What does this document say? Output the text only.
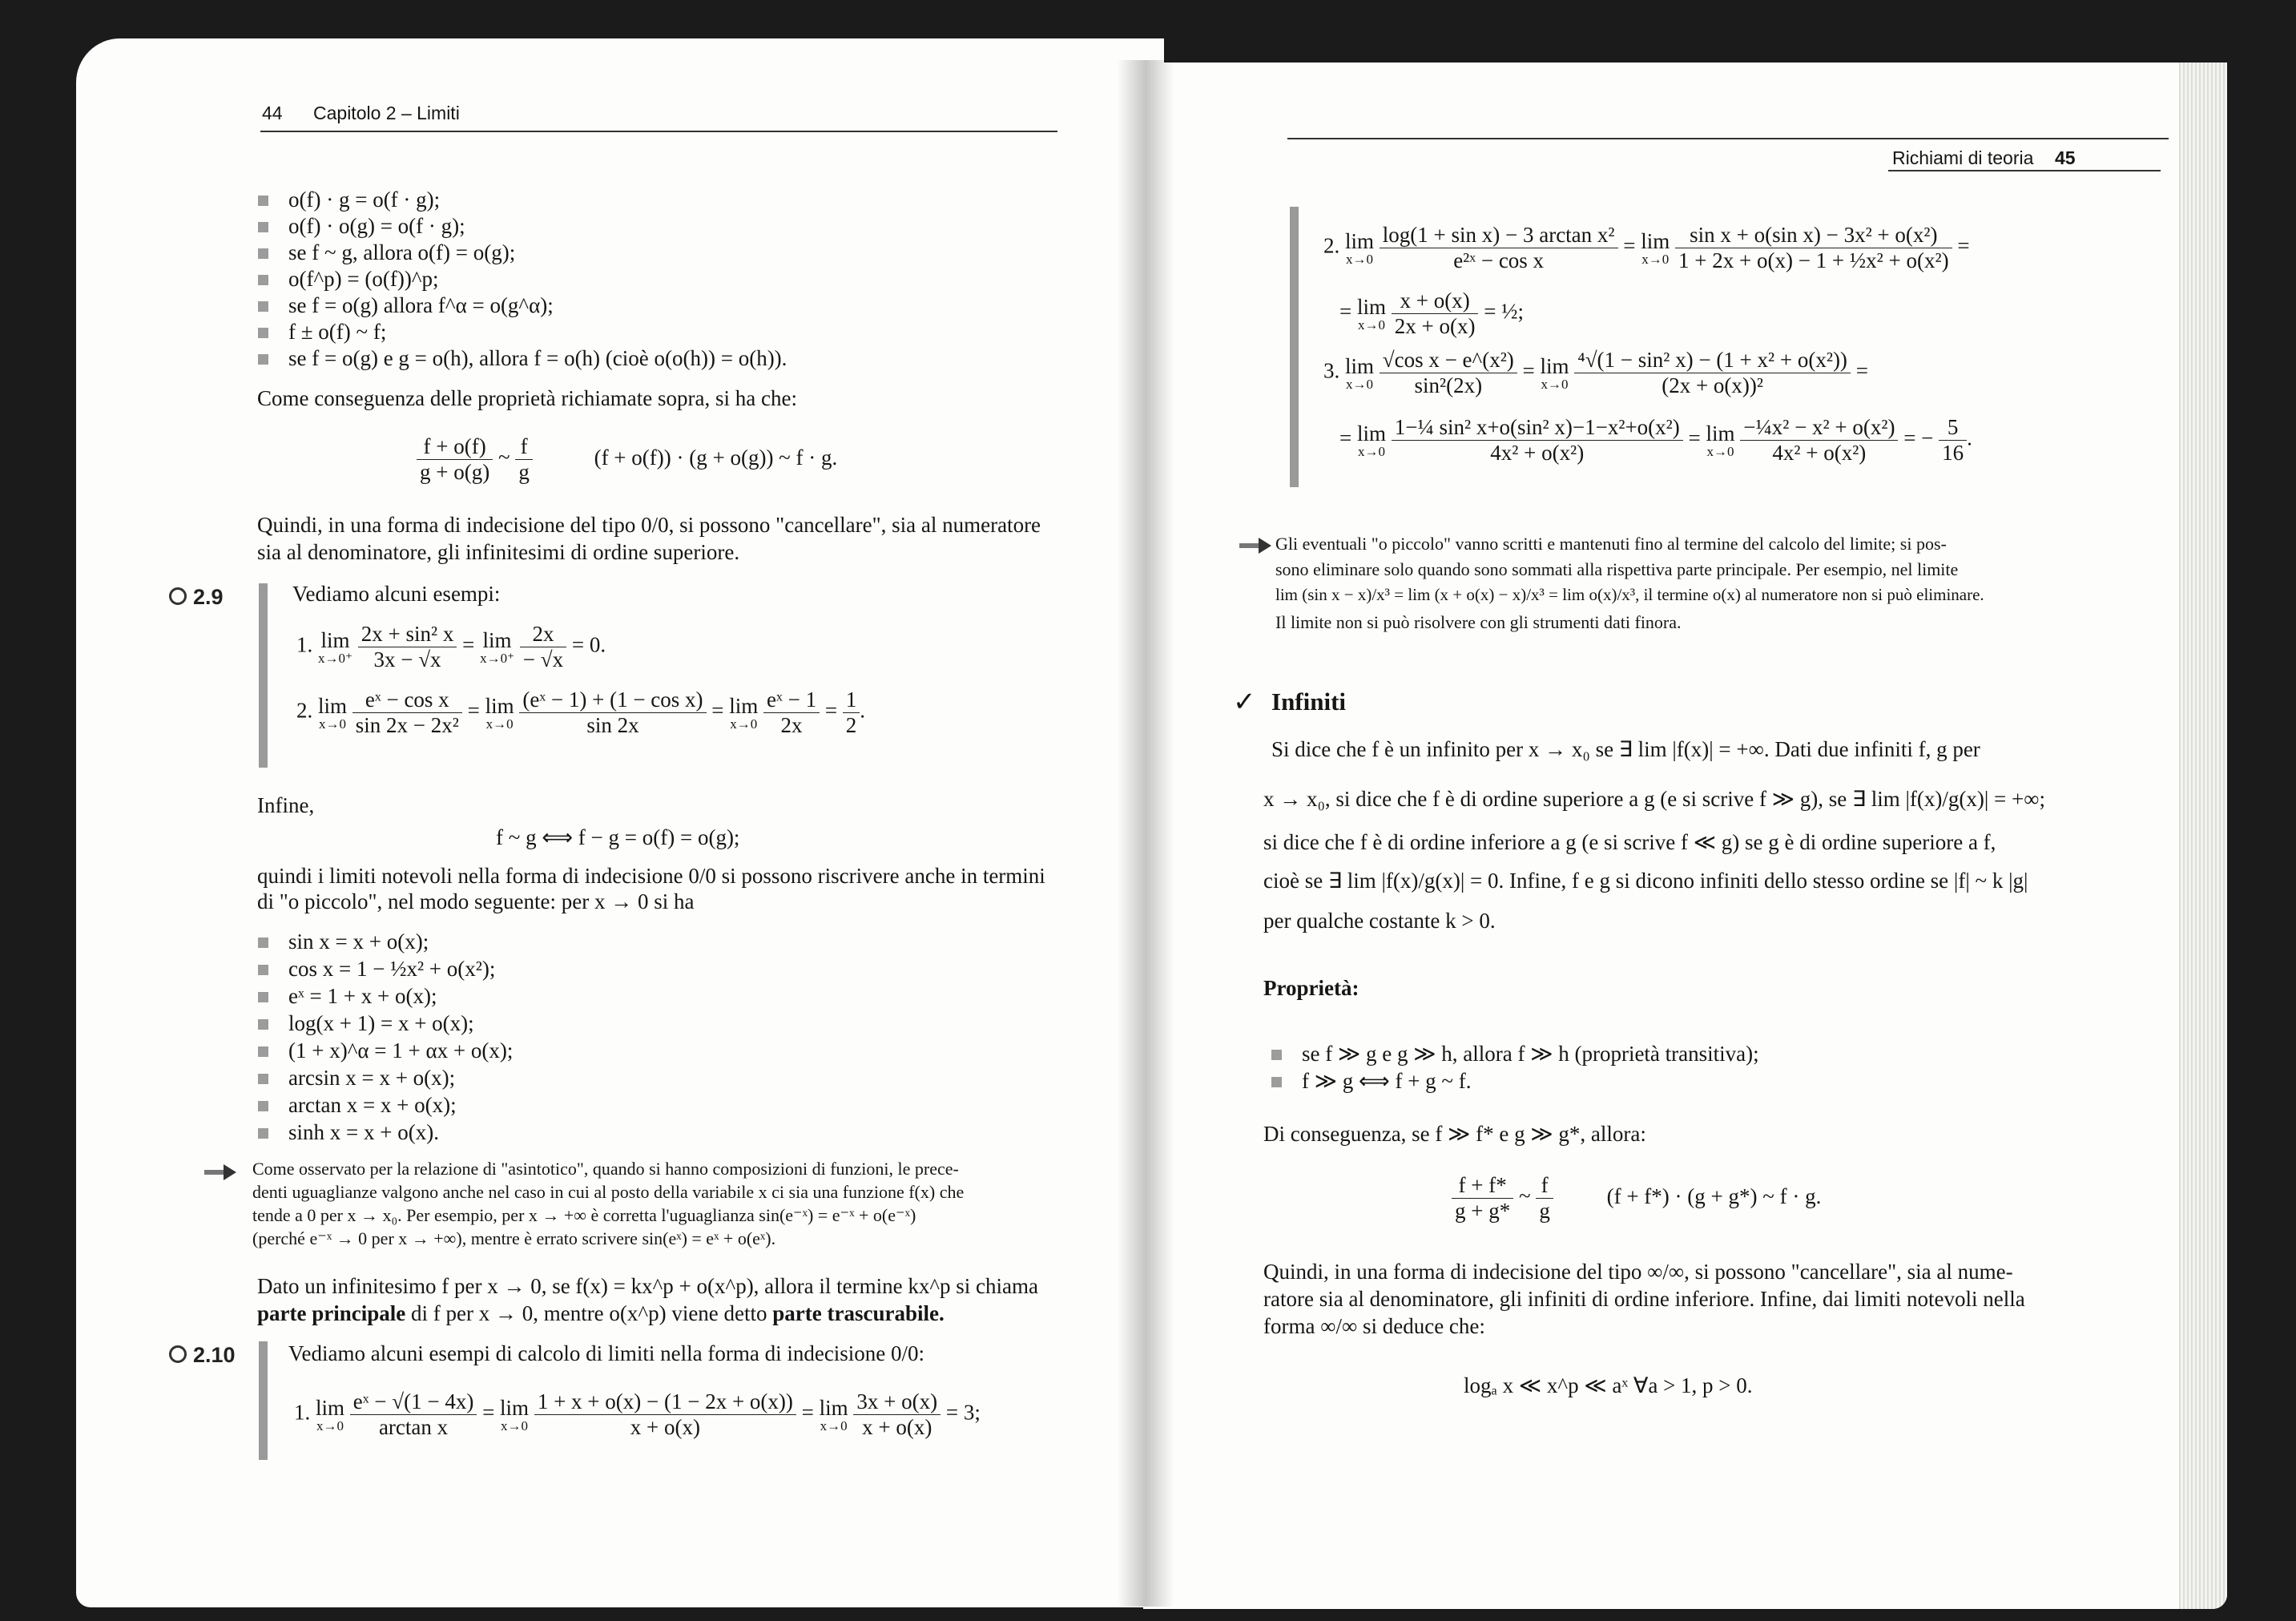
44 Capitolo 2 – Limiti
o(f) · g = o(f · g);
o(f) · o(g) = o(f · g);
se f ~ g, allora o(f) = o(g);
o(f^p) = (o(f))^p;
se f = o(g) allora f^α = o(g^α);
f ± o(f) ~ f;
se f = o(g) e g = o(h), allora f = o(h) (cioè o(o(h)) = o(h)).
Come conseguenza delle proprietà richiamate sopra, si ha che:
$\frac{f + o(f)}{g + o(g)}$ ~ $\frac{f}{g}$	(f + o(f)) · (g + o(g)) ~ f · g.
Quindi, in una forma di indecisione del tipo 0/0, si possono "cancellare", sia al numeratore
sia al denominatore, gli infinitesimi di ordine superiore.
2.9	Vediamo alcuni esempi:
1. lim
x→0⁺
$\frac{\text{2x + sin² x}}{3x - √x} = \lim$
x→0⁺
$\frac{2x}{- √x} = 0$.
2. lim
x→0
$\frac{\text{eˣ − cos x}}{\text{sin 2x − 2x²}} = \lim$
x→0
$\frac{\text{(eˣ − 1) + (1 − cos x)}}{\sin 2x} = \lim$
x→0
$\frac{\text{eˣ − 1}}{2x} = \frac{1}{2}$ .
Infine,
f ~ g ⟺ f − g = o(f) = o(g);
quindi i limiti notevoli nella forma di indecisione 0/0 si possono riscrivere anche in termini
di "o piccolo", nel modo seguente: per x → 0 si ha
sin x = x + o(x);
cos x = 1 − ½x² + o(x²);
eˣ = 1 + x + o(x);
log(x + 1) = x + o(x);
(1 + x)^α = 1 + αx + o(x);
arcsin x = x + o(x);
arctan x = x + o(x);
sinh x = x + o(x).
Come osservato per la relazione di "asintotico", quando si hanno composizioni di funzioni, le prece-
denti uguaglianze valgono anche nel caso in cui al posto della variabile x ci sia una funzione f(x) che
tende a 0 per x → x₀. Per esempio, per x → +∞ è corretta l'uguaglianza sin(e⁻ˣ) = e⁻ˣ + o(e⁻ˣ)
(perché e⁻ˣ → 0 per x → +∞), mentre è errato scrivere sin(eˣ) = eˣ + o(eˣ).
Dato un infinitesimo f per x → 0, se f(x) = kx^p + o(x^p), allora il termine kx^p si chiama
parte principale di f per x → 0, mentre o(x^p) viene detto parte trascurabile.
2.10 Vediamo alcuni esempi di calcolo di limiti nella forma di indecisione 0/0:
1. lim
x→0
$\frac{\text{eˣ − √(1 − 4x)}}{\text{arctan x}} = \lim$
x→0
$\frac{1 + x + o(x) - (1 - 2x + o(x))}{x + o(x)} = \lim$
x→0
$\frac{3x + o(x)}{x + o(x)} = 3$;
Richiami di teoria 45
2. lim
x→0
$\frac{\text{log(1 + sin x) − 3 arctan x²}}{\text{e²ˣ − cos x}} = \lim$
x→0
$\frac{\text{sin x + o(sin x) − 3x² + o(x²)}}{\text{1 + 2x + o(x) − 1 + ½x² + o(x²)}}$ =
= lim
x→0
$\frac{x + o(x)}{2x + o(x)}$ = ½;
3. lim
x→0
$\frac{\text{√cos x − e\textasciicircum{}(x²)}}{\text{sin²(2x)}} = \lim$
x→0
$\frac{\text{⁴√(1 − sin² x) − (1 + x² + o(x²))}}{\text{(2x + o(x))²}}$ =
= lim
x→0
$\frac{\text{1−¼ sin² x+o(sin² x)−1−x²+o(x²)}}{\text{4x² + o(x²)}} = \lim$
x→0
$\frac{\text{−¼x² − x² + o(x²)}}{\text{4x² + o(x²)}}$ = − $\frac{5}{16}$ .
Gli eventuali "o piccolo" vanno scritti e mantenuti fino al termine del calcolo del limite; si pos-
sono eliminare solo quando sono sommati alla rispettiva parte principale. Per esempio, nel limite
lim (sin x − x)/x³ = lim (x + o(x) − x)/x³ = lim o(x)/x³, il termine o(x) al numeratore non si può eliminare.
Il limite non si può risolvere con gli strumenti dati finora.
✓ Infiniti
Si dice che f è un infinito per x → x₀ se ∃ lim |f(x)| = +∞. Dati due infiniti f, g per
x → x₀, si dice che f è di ordine superiore a g (e si scrive f ≫ g), se ∃ lim |f(x)/g(x)| = +∞;
si dice che f è di ordine inferiore a g (e si scrive f ≪ g) se g è di ordine superiore a f,
cioè se ∃ lim |f(x)/g(x)| = 0. Infine, f e g si dicono infiniti dello stesso ordine se |f| ~ k |g|
per qualche costante k > 0.
Proprietà:
se f ≫ g e g ≫ h, allora f ≫ h (proprietà transitiva);
f ≫ g ⟺ f + g ~ f.
Di conseguenza, se f ≫ f* e g ≫ g*, allora:
$\frac{f + f*}{g + g*}$ ~ $\frac{f}{g} (f + f*) \cdot (g + g*)$ ~ f · g.
Quindi, in una forma di indecisione del tipo ∞/∞, si possono "cancellare", sia al nume-
ratore sia al denominatore, gli infiniti di ordine inferiore. Infine, dai limiti notevoli nella
forma ∞/∞ si deduce che:
logₐ x ≪ x^p ≪ aˣ ∀a > 1, p > 0.
